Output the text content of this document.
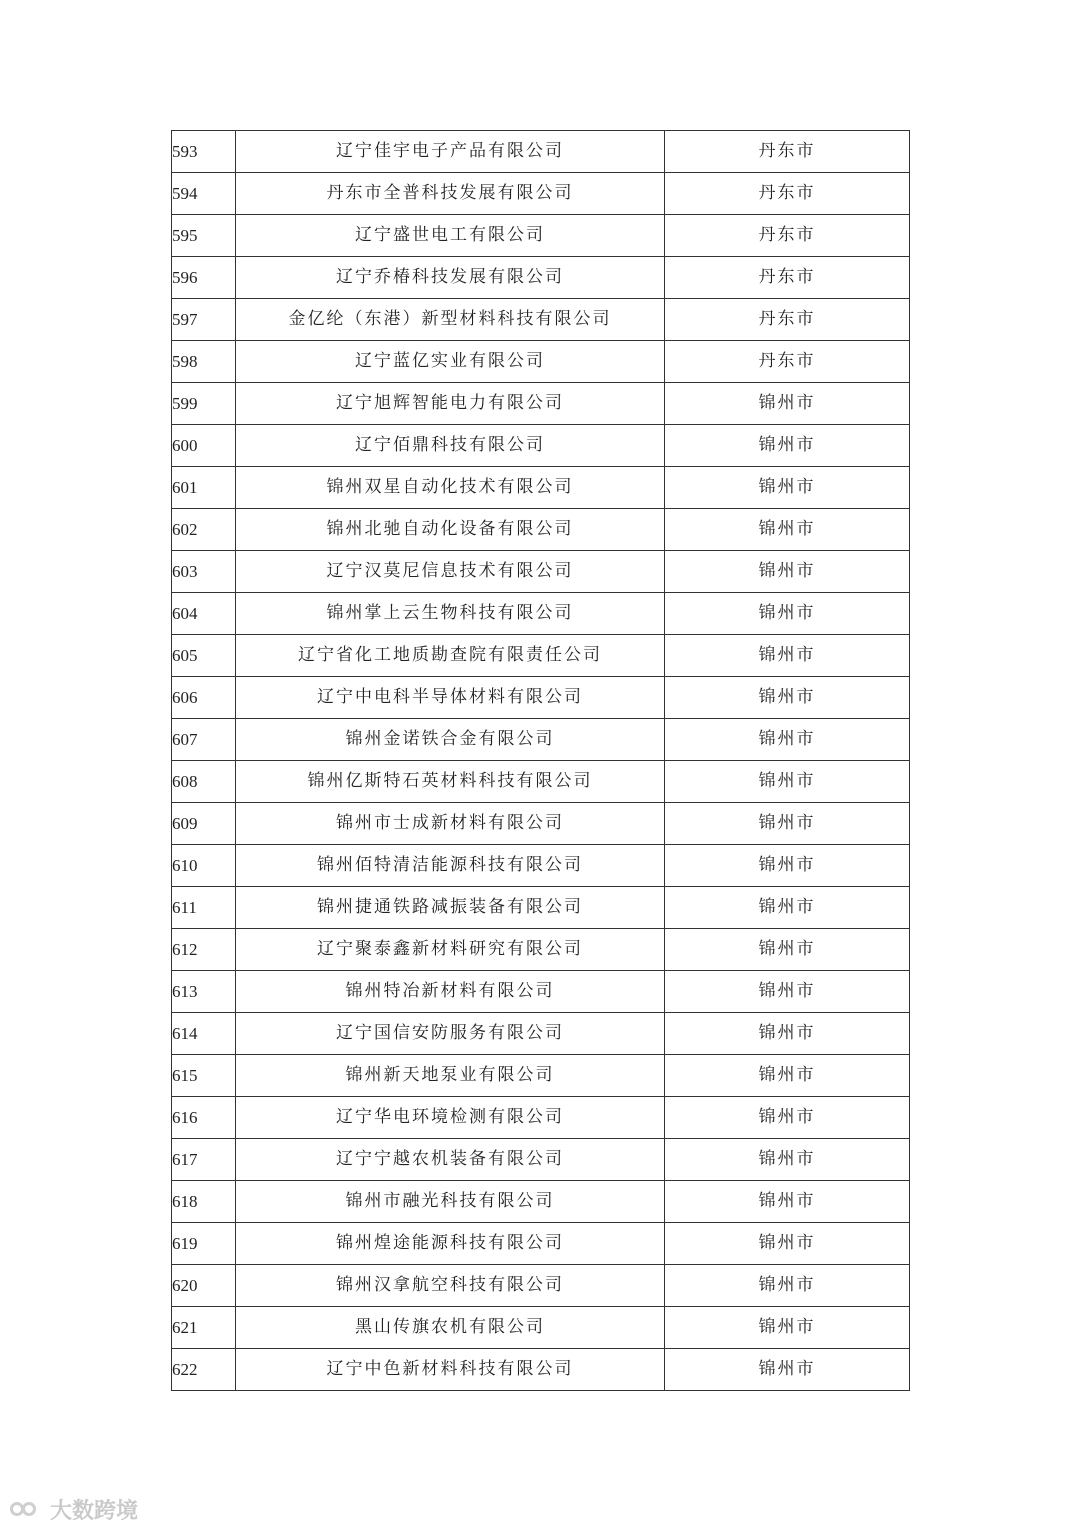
593	辽宁佳宇电子产品有限公司	丹东市
594	丹东市全普科技发展有限公司	丹东市
595	辽宁盛世电工有限公司	丹东市
596	辽宁乔椿科技发展有限公司	丹东市
597	金亿纶（东港）新型材料科技有限公司	丹东市
598	辽宁蓝亿实业有限公司	丹东市
599	辽宁旭辉智能电力有限公司	锦州市
600	辽宁佰鼎科技有限公司	锦州市
601	锦州双星自动化技术有限公司	锦州市
602	锦州北驰自动化设备有限公司	锦州市
603	辽宁汉莫尼信息技术有限公司	锦州市
604	锦州掌上云生物科技有限公司	锦州市
605	辽宁省化工地质勘查院有限责任公司	锦州市
606	辽宁中电科半导体材料有限公司	锦州市
607	锦州金诺铁合金有限公司	锦州市
608	锦州亿斯特石英材料科技有限公司	锦州市
609	锦州市士成新材料有限公司	锦州市
610	锦州佰特清洁能源科技有限公司	锦州市
611	锦州捷通铁路减振装备有限公司	锦州市
612	辽宁聚泰鑫新材料研究有限公司	锦州市
613	锦州特冶新材料有限公司	锦州市
614	辽宁国信安防服务有限公司	锦州市
615	锦州新天地泵业有限公司	锦州市
616	辽宁华电环境检测有限公司	锦州市
617	辽宁宁越农机装备有限公司	锦州市
618	锦州市融光科技有限公司	锦州市
619	锦州煌途能源科技有限公司	锦州市
620	锦州汉拿航空科技有限公司	锦州市
621	黑山传旗农机有限公司	锦州市
622	辽宁中色新材料科技有限公司	锦州市
大数跨境
